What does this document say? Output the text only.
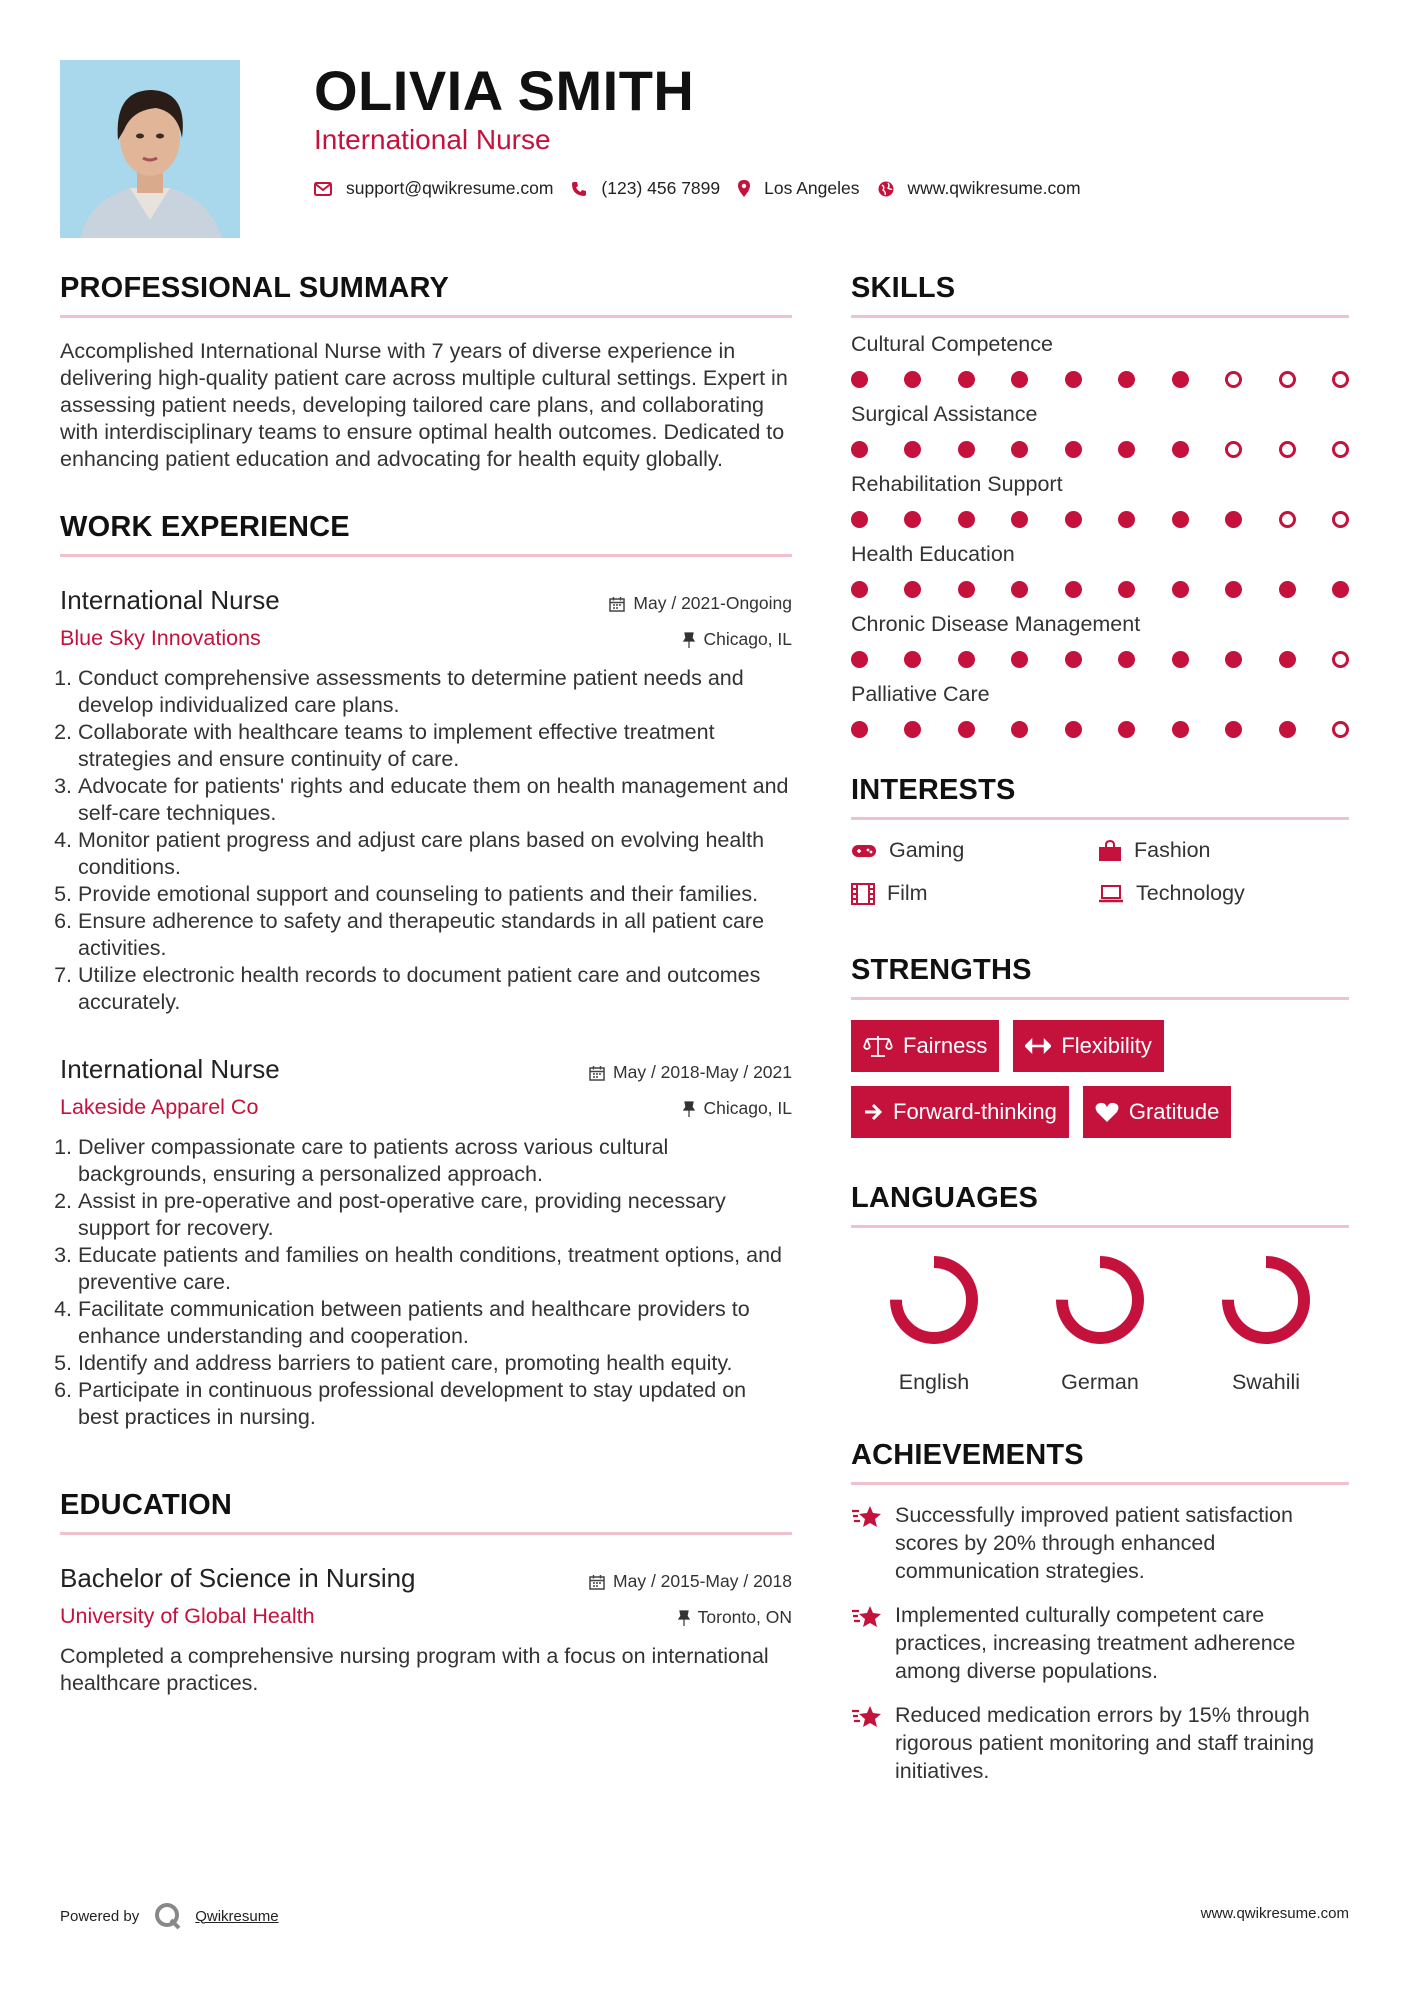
OLIVIA SMITH
International Nurse
support@qwikresume.com	(123) 456 7899	Los Angeles	www.qwikresume.com
PROFESSIONAL SUMMARY

Accomplished International Nurse with 7 years of diverse experience in delivering high-quality patient care across multiple cultural settings. Expert in assessing patient needs, developing tailored care plans, and collaborating with interdisciplinary teams to ensure optimal health outcomes. Dedicated to enhancing patient education and advocating for health equity globally.

WORK EXPERIENCE
International Nurse
Blue Sky Innovations
May / 2021-Ongoing
Chicago, IL
1. Conduct comprehensive assessments to determine patient needs and develop individualized care plans.
2. Collaborate with healthcare teams to implement effective treatment strategies and ensure continuity of care.
3. Advocate for patients' rights and educate them on health management and self-care techniques.
4. Monitor patient progress and adjust care plans based on evolving health conditions.
5. Provide emotional support and counseling to patients and their families.
6. Ensure adherence to safety and therapeutic standards in all patient care activities.
7. Utilize electronic health records to document patient care and outcomes accurately.
International Nurse
Lakeside Apparel Co
May / 2018-May / 2021
Chicago, IL
1. Deliver compassionate care to patients across various cultural backgrounds, ensuring a personalized approach.
2. Assist in pre-operative and post-operative care, providing necessary support for recovery.
3. Educate patients and families on health conditions, treatment options, and preventive care.
4. Facilitate communication between patients and healthcare providers to enhance understanding and cooperation.
5. Identify and address barriers to patient care, promoting health equity.
6. Participate in continuous professional development to stay updated on best practices in nursing.
EDUCATION
Bachelor of Science in Nursing
University of Global Health
May / 2015-May / 2018
Toronto, ON

Completed a comprehensive nursing program with a focus on international healthcare practices.

SKILLS
Cultural Competence
Surgical Assistance
Rehabilitation Support
Health Education
Chronic Disease Management
Palliative Care
INTERESTS
Gaming	Fashion
Film	Technology
STRENGTHS
Fairness	Flexibility
Forward-thinking	Gratitude
LANGUAGES
English	German	Swahili
ACHIEVEMENTS
Successfully improved patient satisfaction scores by 20% through enhanced communication strategies.
Implemented culturally competent care practices, increasing treatment adherence among diverse populations.
Reduced medication errors by 15% through rigorous patient monitoring and staff training initiatives.
Powered by	Qwikresume	www.qwikresume.com
